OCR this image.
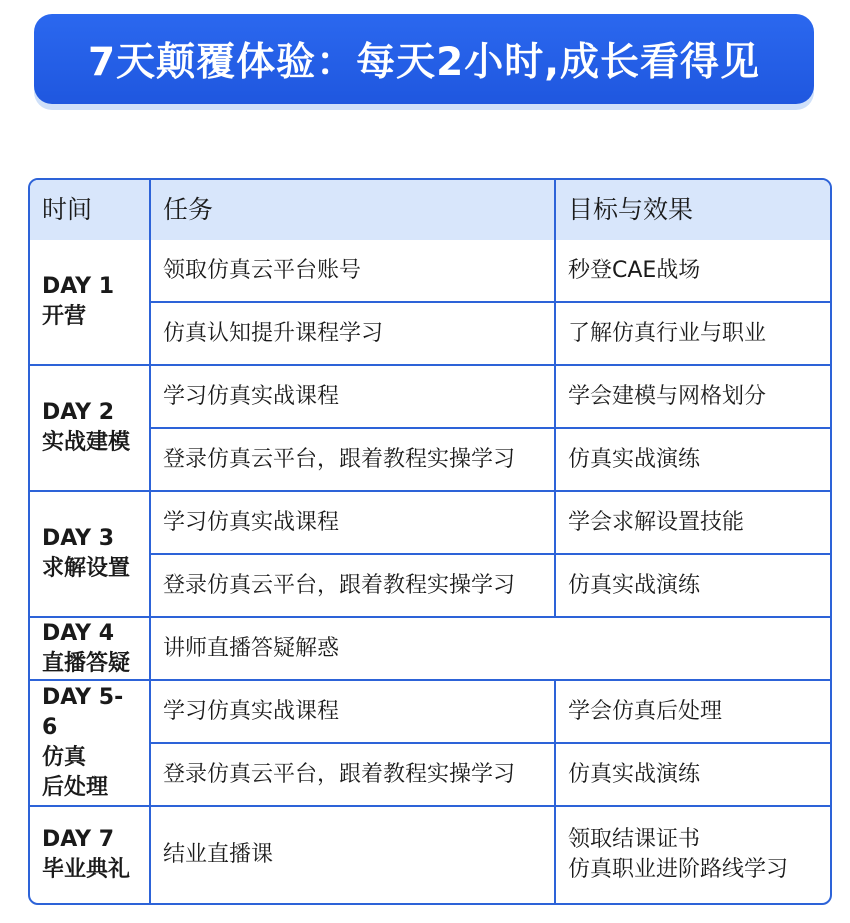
7天颠覆体验：每天2小时,成长看得见
时间	任务	目标与效果

DAY 1
开营	领取仿真云平台账号	秒登CAE战场
	仿真认知提升课程学习	了解仿真行业与职业

DAY 2
实战建模	学习仿真实战课程	学会建模与网格划分
	登录仿真云平台，跟着教程实操学习	仿真实战演练

DAY 3
求解设置	学习仿真实战课程	学会求解设置技能
	登录仿真云平台，跟着教程实操学习	仿真实战演练

DAY 4
直播答疑	讲师直播答疑解惑	

DAY 5-6
仿真
后处理	学习仿真实战课程	学会仿真后处理
	登录仿真云平台，跟着教程实操学习	仿真实战演练

DAY 7
毕业典礼	结业直播课	领取结课证书
仿真职业进阶路线学习
